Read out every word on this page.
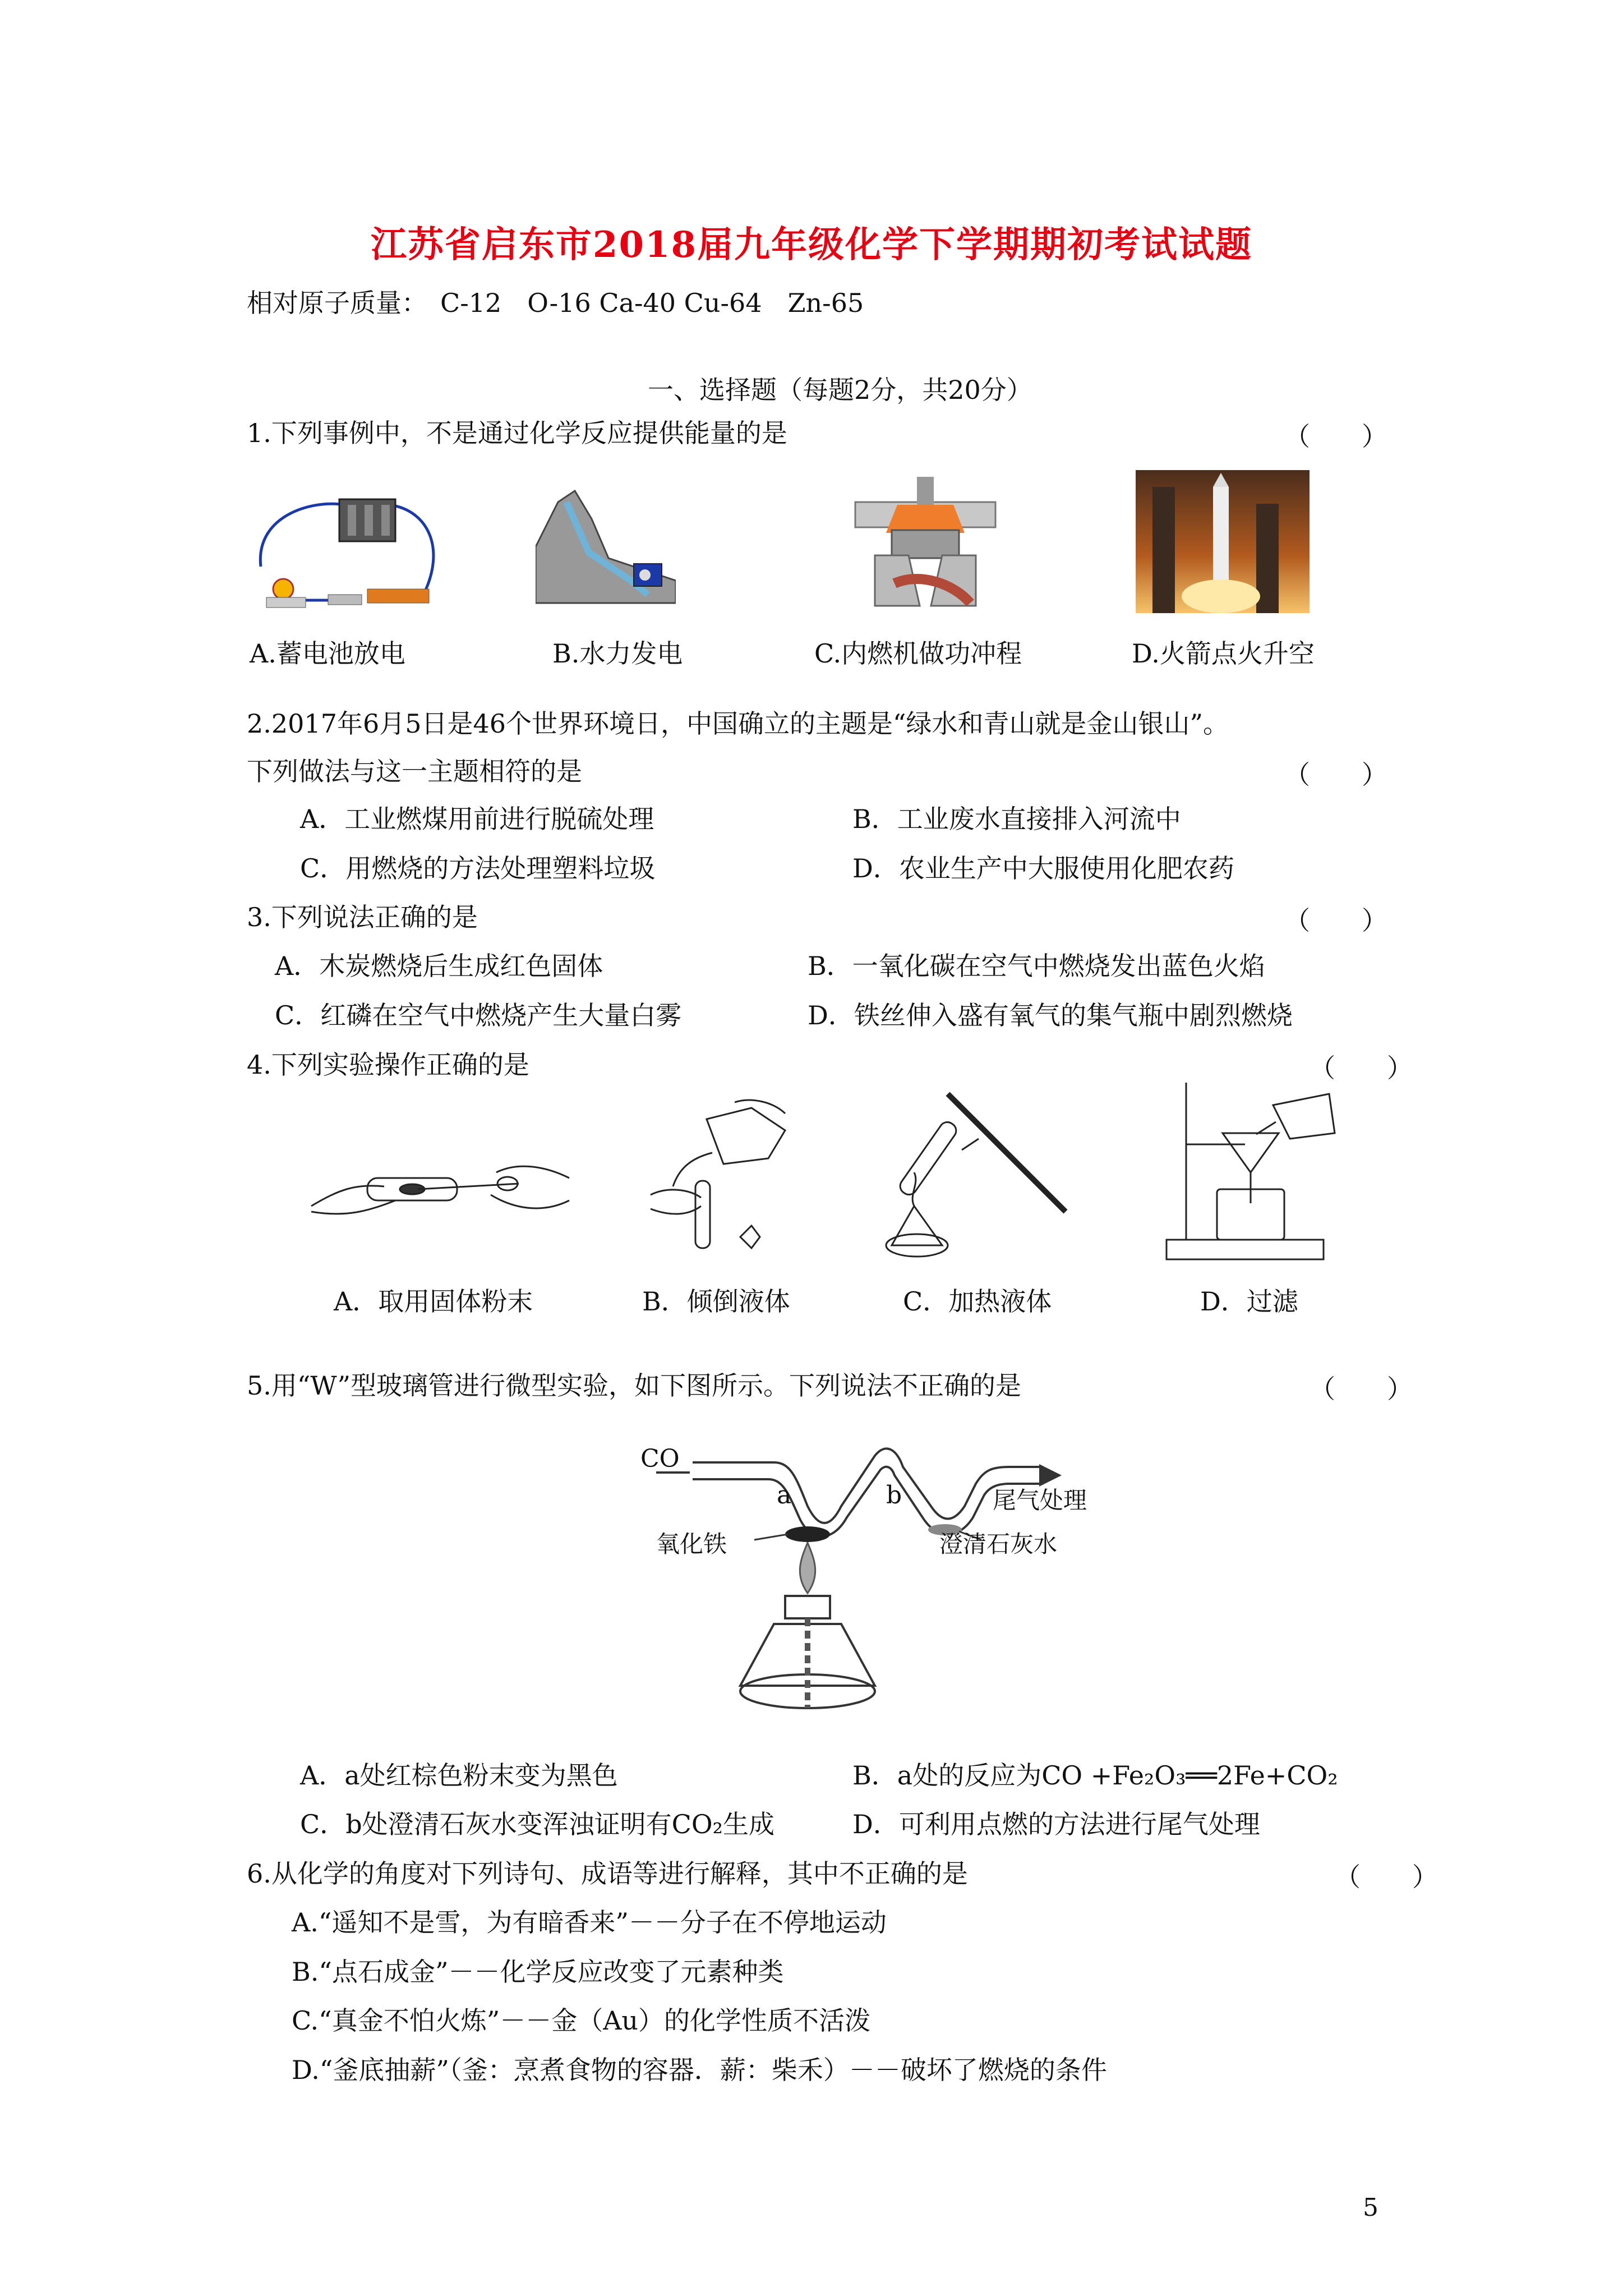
江苏省启东市2018届九年级化学下学期期初考试试题
相对原子质量：　C-12　O-16 Ca-40 Cu-64　Zn-65
一、选择题（每题2分，共20分）
1.下列事例中，不是通过化学反应提供能量的是	（　　）
A.蓄电池放电	B.水力发电	C.内燃机做功冲程	D.火箭点火升空
2.2017年6月5日是46个世界环境日，中国确立的主题是“绿水和青山就是金山银山”。
下列做法与这一主题相符的是	（　　）
A．工业燃煤用前进行脱硫处理	B．工业废水直接排入河流中
C．用燃烧的方法处理塑料垃圾	D．农业生产中大服使用化肥农药
3.下列说法正确的是	（　　）
A．木炭燃烧后生成红色固体	B．一氧化碳在空气中燃烧发出蓝色火焰
C．红磷在空气中燃烧产生大量白雾	D．铁丝伸入盛有氧气的集气瓶中剧烈燃烧
4.下列实验操作正确的是	（　　）
A．取用固体粉末	B．倾倒液体	C．加热液体	D．过滤
5.用“W”型玻璃管进行微型实验，如下图所示。下列说法不正确的是	（　　）
CO
a	b	尾气处理
氧化铁	澄清石灰水
A．a处红棕色粉末变为黑色	B．a处的反应为CO +Fe₂O₃══2Fe+CO₂
C．b处澄清石灰水变浑浊证明有CO₂生成	D．可利用点燃的方法进行尾气处理
6.从化学的角度对下列诗句、成语等进行解释，其中不正确的是	（　　）
A.“遥知不是雪，为有暗香来”－－分子在不停地运动
B.“点石成金”－－化学反应改变了元素种类
C.“真金不怕火炼”－－金（Au）的化学性质不活泼
D.“釜底抽薪”（釜：烹煮食物的容器．薪：柴禾）－－破坏了燃烧的条件
5
